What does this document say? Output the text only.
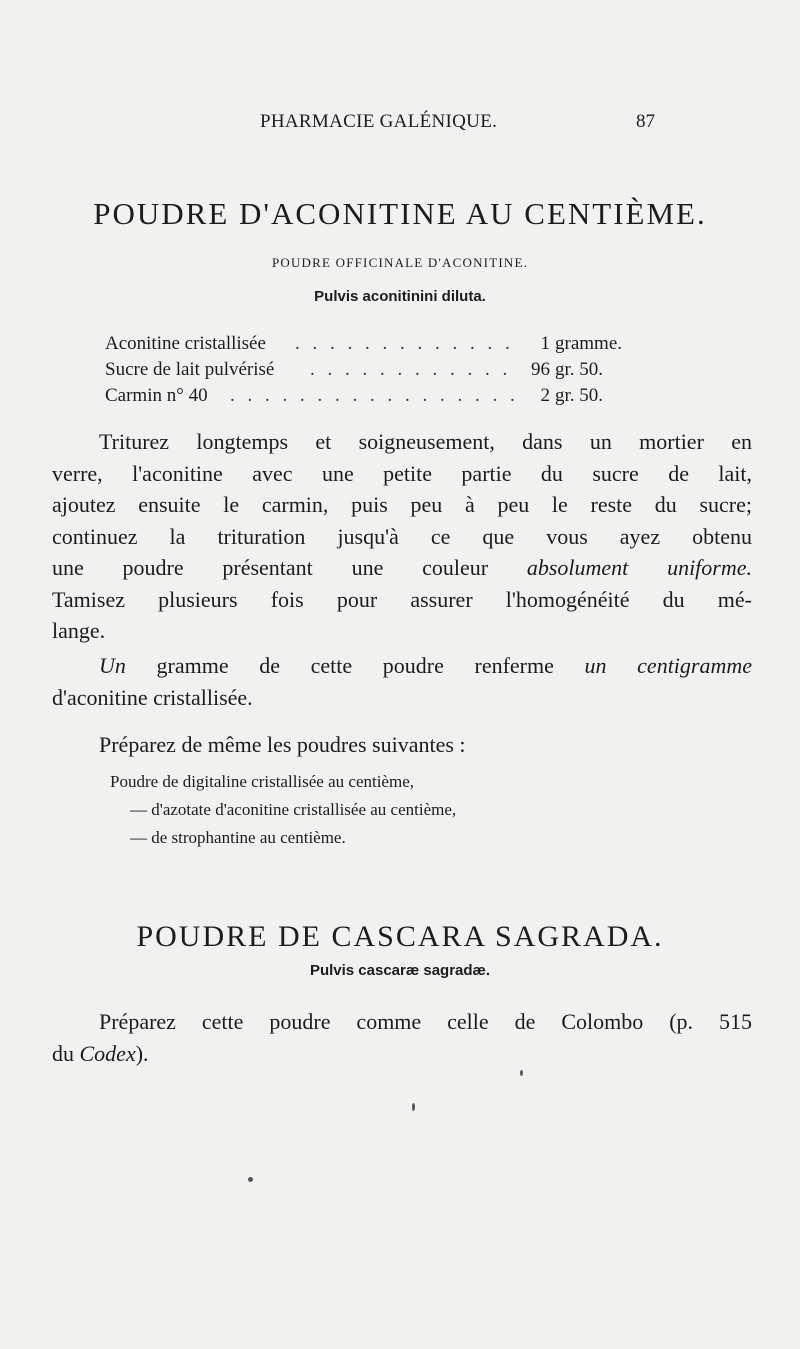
PHARMACIE GALÉNIQUE.	87
POUDRE D'ACONITINE AU CENTIÈME.
POUDRE OFFICINALE D'ACONITINE.
Pulvis aconitinini diluta.
Aconitine cristallisée . . . . . . . . . . . . .	1 gramme.
Sucre de lait pulvérisé . . . . . . . . . . . .	96 gr. 50.
Carmin n° 40 . . . . . . . . . . . . . . . . .	2 gr. 50.
Triturez longtemps et soigneusement, dans un mortier en
verre, l'aconitine avec une petite partie du sucre de lait,
ajoutez ensuite le carmin, puis peu à peu le reste du sucre;
continuez la trituration jusqu'à ce que vous ayez obtenu
une poudre présentant une couleur absolument uniforme.
Tamisez plusieurs fois pour assurer l'homogénéité du mé-
lange.
Un gramme de cette poudre renferme un centigramme
d'aconitine cristallisée.
Préparez de même les poudres suivantes :
Poudre de digitaline cristallisée au centième,
— d'azotate d'aconitine cristallisée au centième,
— de strophantine au centième.
POUDRE DE CASCARA SAGRADA.
Pulvis cascaræ sagradæ.
Préparez cette poudre comme celle de Colombo (p. 515
du Codex).
